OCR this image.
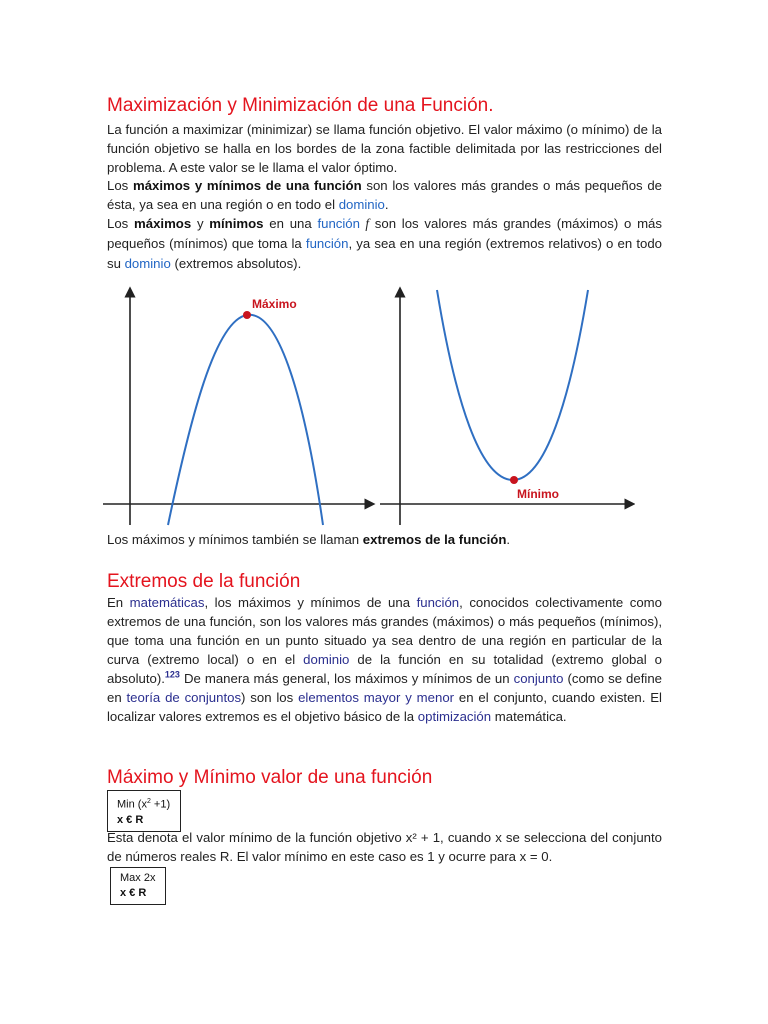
Maximización y Minimización de una Función.

La función a maximizar (minimizar) se llama función objetivo. El valor máximo (o mínimo) de la función objetivo se halla en los bordes de la zona factible delimitada por las restricciones del problema. A este valor se le llama el valor óptimo.

Los máximos y mínimos de una función son los valores más grandes o más pequeños de ésta, ya sea en una región o en todo el dominio.

Los máximos y mínimos en una función f son los valores más grandes (máximos) o más pequeños (mínimos) que toma la función, ya sea en una región (extremos relativos) o en todo su dominio (extremos absolutos).

Máximo
Mínimo

Los máximos y mínimos también se llaman extremos de la función.

Extremos de la función

En matemáticas, los máximos y mínimos de una función, conocidos colectivamente como extremos de una función, son los valores más grandes (máximos) o más pequeños (mínimos), que toma una función en un punto situado ya sea dentro de una región en particular de la curva (extremo local) o en el dominio de la función en su totalidad (extremo global o absoluto).$^{123}$ De manera más general, los máximos y mínimos de un conjunto (como se define en teoría de conjuntos) son los elementos mayor y menor en el conjunto, cuando existen. El localizar valores extremos es el objetivo básico de la optimización matemática.

Máximo y Mínimo valor de una función
Min $(x^2 +1)$
x € R

Esta denota el valor mínimo de la función objetivo x² + 1, cuando x se selecciona del conjunto de números reales R. El valor mínimo en este caso es 1 y ocurre para x = 0.

Max 2x
x € R
